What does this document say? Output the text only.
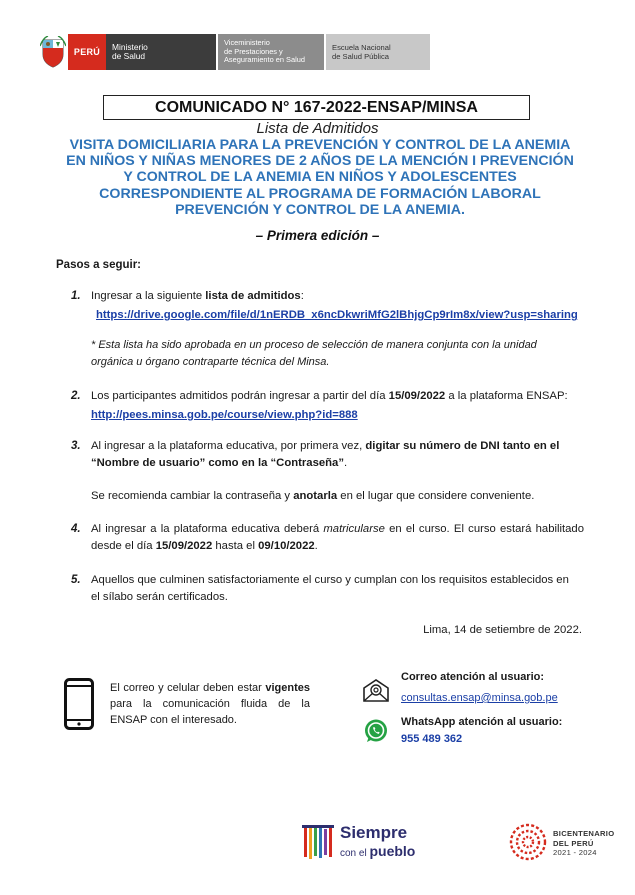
PERÚ
Ministerio
de Salud
Viceministerio
de Prestaciones y
Aseguramiento en Salud
Escuela Nacional
de Salud Pública
COMUNICADO N° 167-2022-ENSAP/MINSA
Lista de Admitidos
VISITA DOMICILIARIA PARA LA PREVENCIÓN Y CONTROL DE LA ANEMIA EN NIÑOS Y NIÑAS MENORES DE 2 AÑOS DE LA MENCIÓN I PREVENCIÓN Y CONTROL DE LA ANEMIA EN NIÑOS Y ADOLESCENTES CORRESPONDIENTE AL PROGRAMA DE FORMACIÓN LABORAL PREVENCIÓN Y CONTROL DE LA ANEMIA.
– Primera edición –
Pasos a seguir:
1. Ingresar a la siguiente lista de admitidos:
https://drive.google.com/file/d/1nERDB_x6ncDkwriMfG2lBhjgCp9rIm8x/view?usp=sharing
* Esta lista ha sido aprobada en un proceso de selección de manera conjunta con la unidad orgánica u órgano contraparte técnica del Minsa.
2. Los participantes admitidos podrán ingresar a partir del día 15/09/2022 a la plataforma ENSAP:
http://pees.minsa.gob.pe/course/view.php?id=888
3. Al ingresar a la plataforma educativa, por primera vez, digitar su número de DNI tanto en el “Nombre de usuario” como en la “Contraseña”.
Se recomienda cambiar la contraseña y anotarla en el lugar que considere conveniente.
4. Al ingresar a la plataforma educativa deberá matricularse en el curso. El curso estará habilitado desde el día 15/09/2022 hasta el 09/10/2022.
5. Aquellos que culminen satisfactoriamente el curso y cumplan con los requisitos establecidos en el sílabo serán certificados.
Lima, 14 de setiembre de 2022.
El correo y celular deben estar vigentes para la comunicación fluida de la ENSAP con el interesado.
Correo atención al usuario:
consultas.ensap@minsa.gob.pe
WhatsApp atención al usuario:
955 489 362
Siempre
con el pueblo
BICENTENARIO
DEL PERÚ
2021 - 2024
